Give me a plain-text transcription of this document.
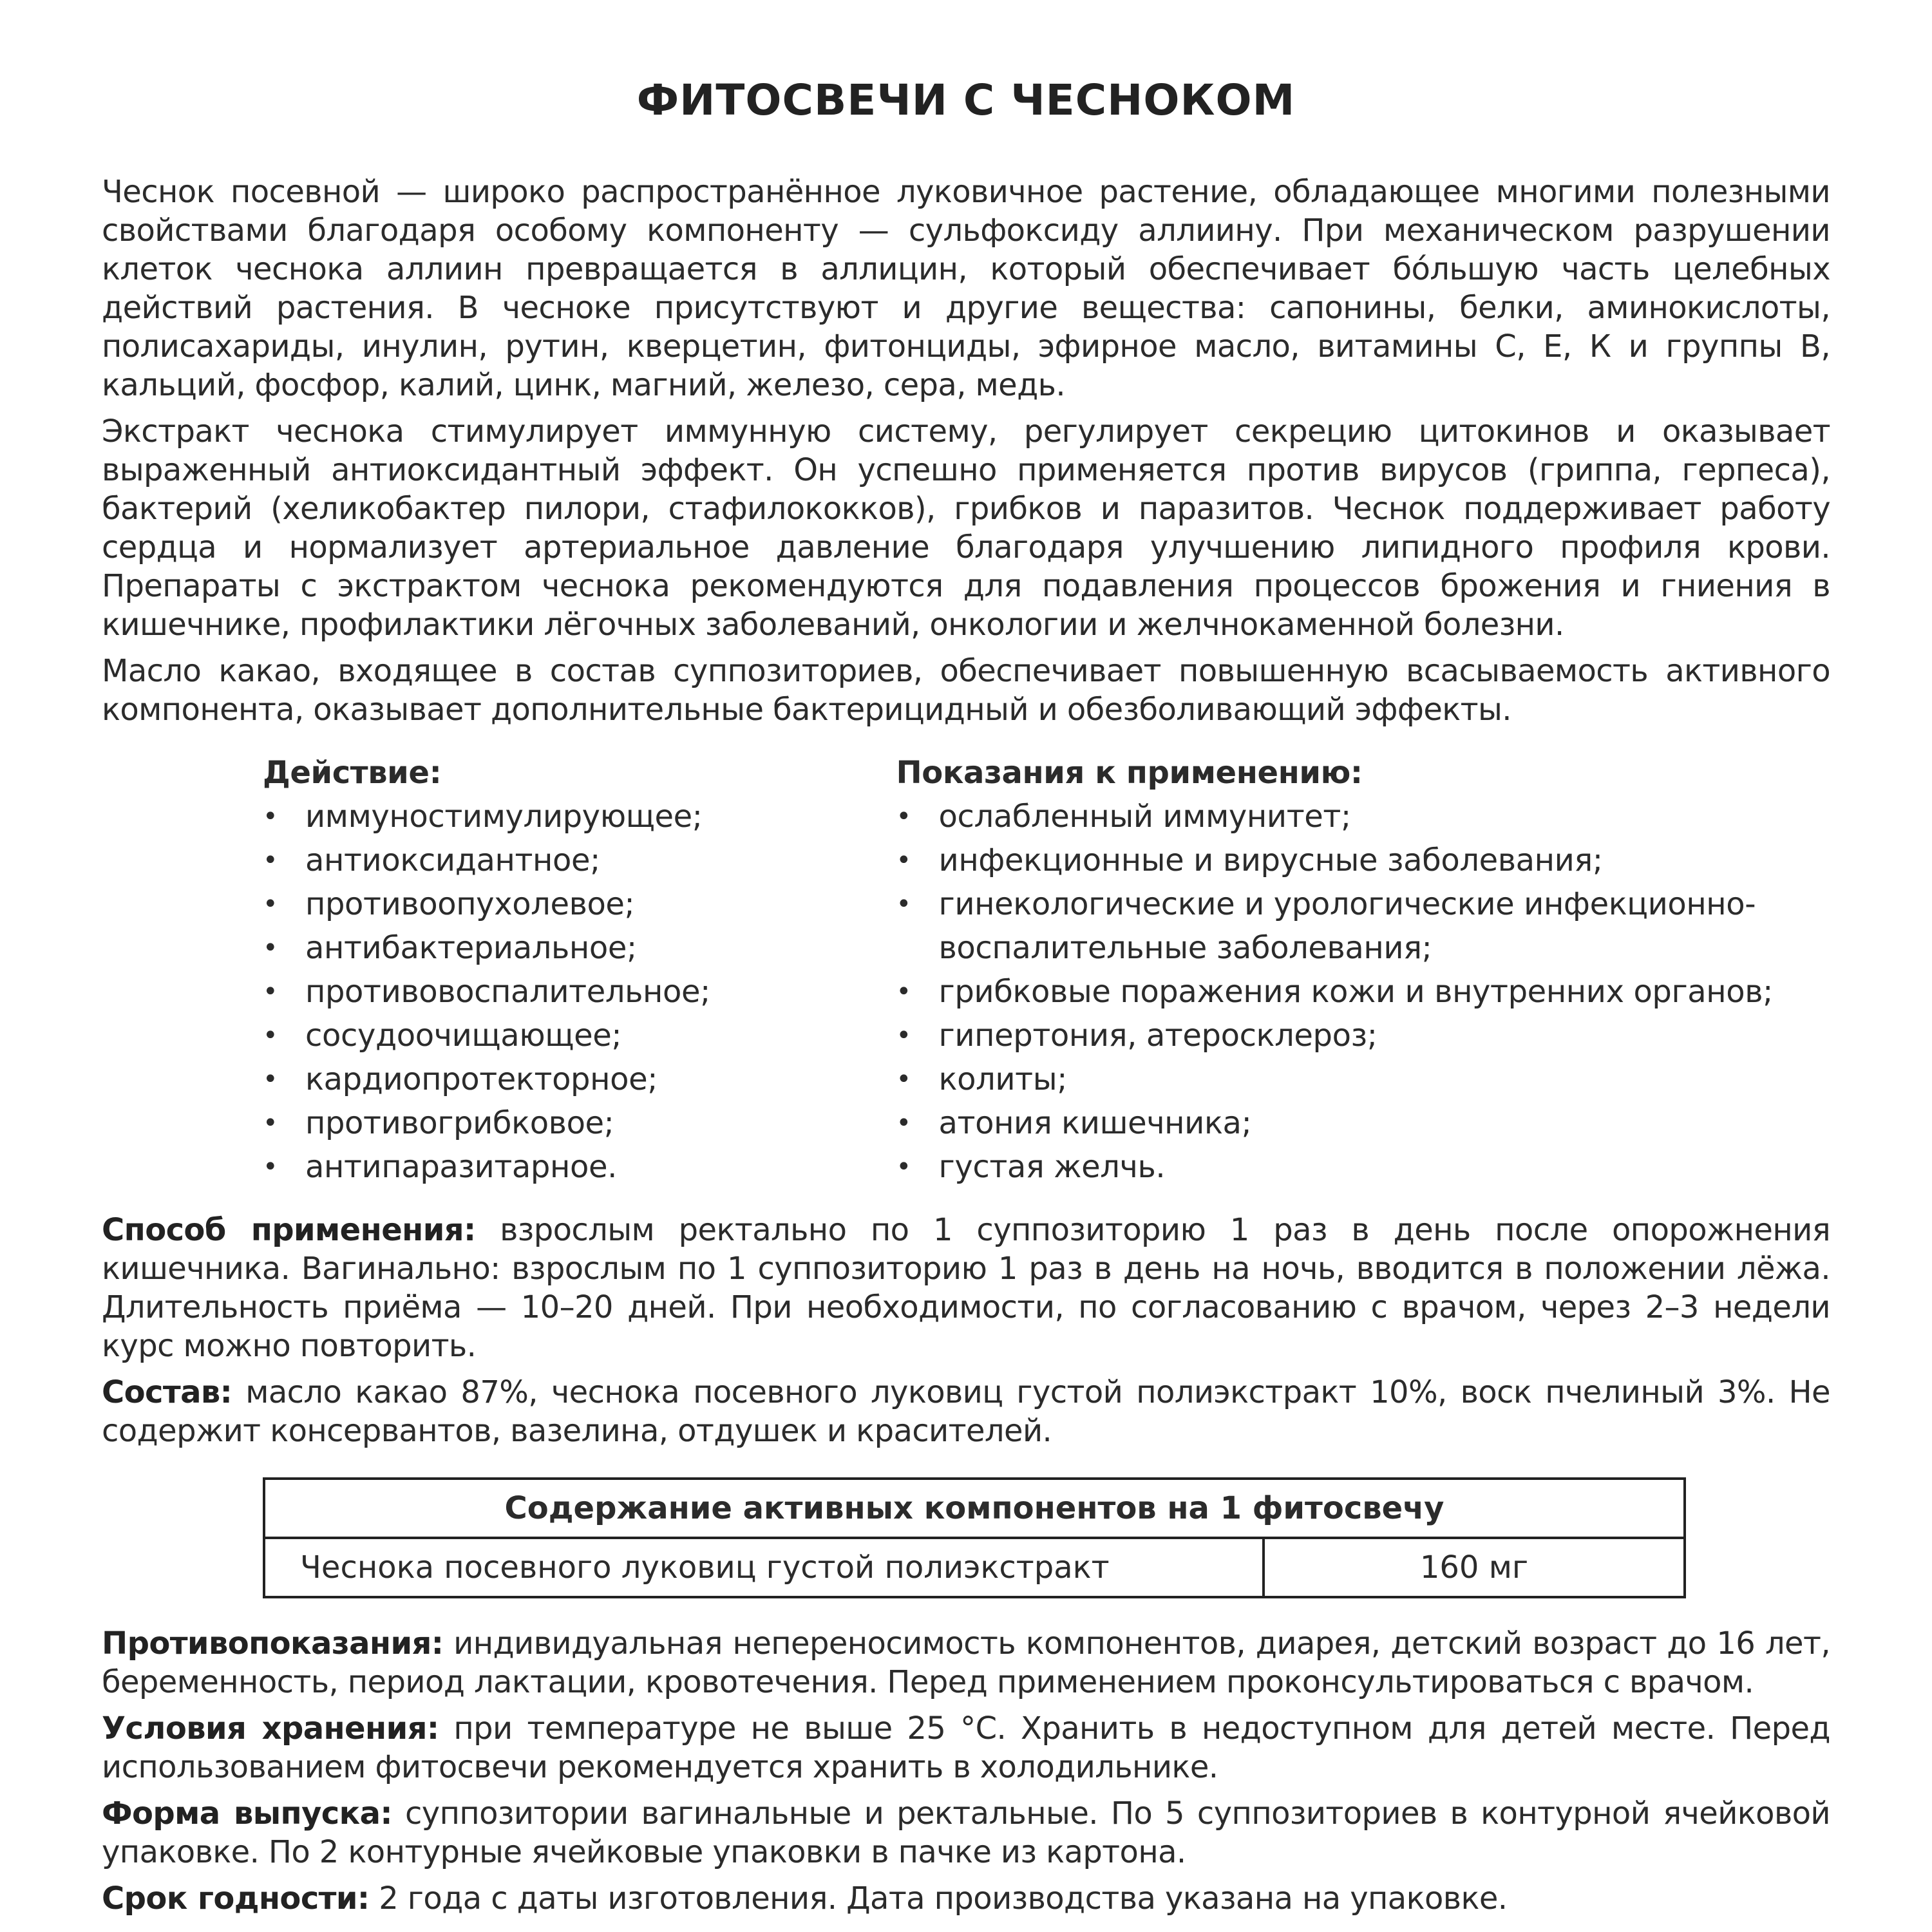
ФИТОСВЕЧИ С ЧЕСНОКОМ

Чеснок посевной — широко распространённое луковичное растение, обладающее многими полезными свойствами благодаря особому компоненту — сульфоксиду аллиину. При механическом разрушении клеток чеснока аллиин превращается в аллицин, который обеспечивает бóльшую часть целебных действий растения. В чесноке присутствуют и другие вещества: сапонины, белки, аминокислоты, полисахариды, инулин, рутин, кверцетин, фитонциды, эфирное масло, витамины С, Е, К и группы В, кальций, фосфор, калий, цинк, магний, железо, сера, медь.

Экстракт чеснока стимулирует иммунную систему, регулирует секрецию цитокинов и оказывает выраженный антиоксидантный эффект. Он успешно применяется против вирусов (гриппа, герпеса), бактерий (хеликобактер пилори, стафилококков), грибков и паразитов. Чеснок поддерживает работу сердца и нормализует артериальное давление благодаря улучшению липидного профиля крови. Препараты с экстрактом чеснока рекомендуются для подавления процессов брожения и гниения в кишечнике, профилактики лёгочных заболеваний, онкологии и желчнокаменной болезни.

Масло какао, входящее в состав суппозиториев, обеспечивает повышенную всасываемость активного компонента, оказывает дополнительные бактерицидный и обезболивающий эффекты.

Действие:
• иммуностимулирующее;
• антиоксидантное;
• противоопухолевое;
• антибактериальное;
• противовоспалительное;
• сосудоочищающее;
• кардиопротекторное;
• противогрибковое;
• антипаразитарное.
Показания к применению:
• ослабленный иммунитет;
• инфекционные и вирусные заболевания;
• гинекологические и урологические инфекционно-воспалительные заболевания;
• грибковые поражения кожи и внутренних органов;
• гипертония, атеросклероз;
• колиты;
• атония кишечника;
• густая желчь.

Способ применения: взрослым ректально по 1 суппозиторию 1 раз в день после опорожнения кишечника. Вагинально: взрослым по 1 суппозиторию 1 раз в день на ночь, вводится в положении лёжа. Длительность приёма — 10–20 дней. При необходимости, по согласованию с врачом, через 2–3 недели курс можно повторить.

Состав: масло какао 87%, чеснока посевного луковиц густой полиэкстракт 10%, воск пчелиный 3%. Не содержит консервантов, вазелина, отдушек и красителей.

Содержание активных компонентов на 1 фитосвечу
Чеснока посевного луковиц густой полиэкстракт	160 мг

Противопоказания: индивидуальная непереносимость компонентов, диарея, детский возраст до 16 лет, беременность, период лактации, кровотечения. Перед применением проконсультироваться с врачом.

Условия хранения: при температуре не выше 25 °С. Хранить в недоступном для детей месте. Перед использованием фитосвечи рекомендуется хранить в холодильнике.

Форма выпуска: суппозитории вагинальные и ректальные. По 5 суппозиториев в контурной ячейковой упаковке. По 2 контурные ячейковые упаковки в пачке из картона.

Срок годности: 2 года с даты изготовления. Дата производства указана на упаковке.
